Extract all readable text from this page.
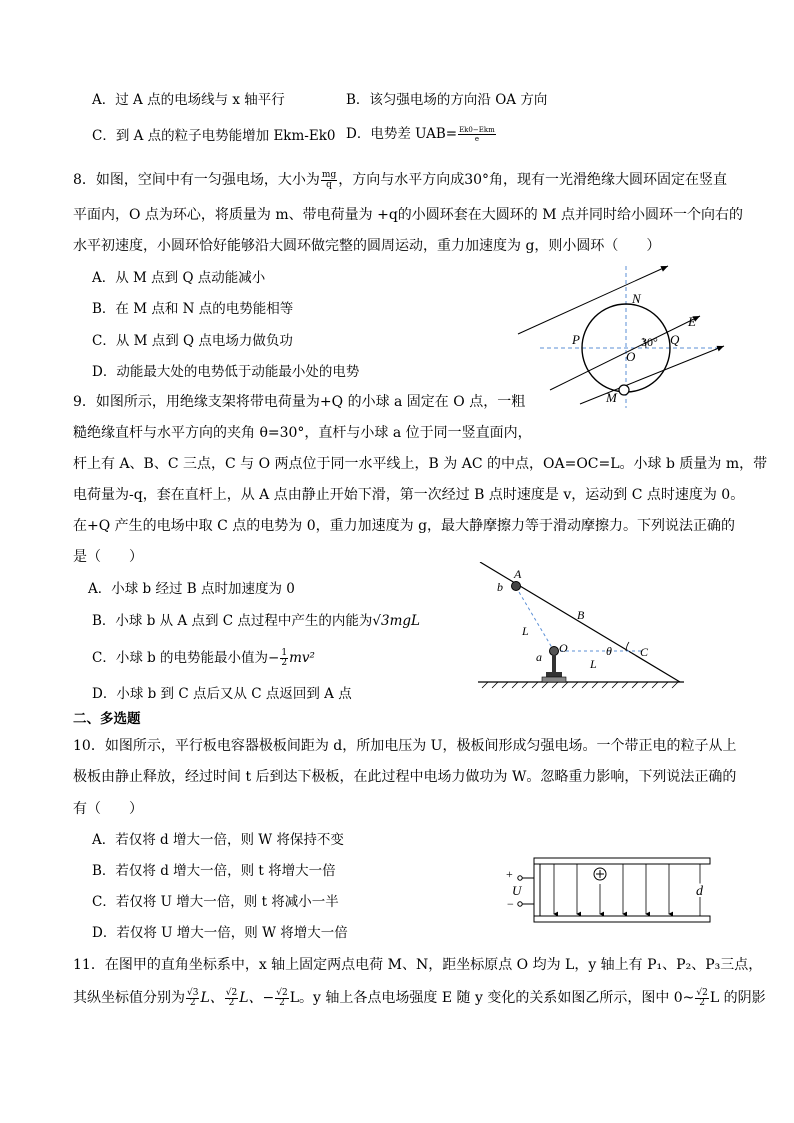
A．过 A 点的电场线与 x 轴平行	B．该匀强电场的方向沿 OA 方向
C．到 A 点的粒子电势能增加 Ekm-Ek0 D．电势差 $UAB= \frac{\text{Ek0−Ekm}}{e}$
8．如图，空间中有一匀强电场，大小为 $\frac{mg}{q}$ ，方向与水平方向成30°角，现有一光滑绝缘大圆环固定在竖直
平面内，O 点为环心，将质量为 m、带电荷量为 +q的小圆环套在大圆环的 M 点并同时给小圆环一个向右的
水平初速度，小圆环恰好能够沿大圆环做完整的圆周运动，重力加速度为 g，则小圆环（　　）
A．从 M 点到 Q 点动能减小
B．在 M 点和 N 点的电势能相等
C．从 M 点到 Q 点电场力做负功
D．动能最大处的电势低于动能最小处的电势
N
E
P
O
30° Q
M
9．如图所示，用绝缘支架将带电荷量为+Q 的小球 a 固定在 O 点，一粗
糙绝缘直杆与水平方向的夹角 θ=30°，直杆与小球 a 位于同一竖直面内，
杆上有 A、B、C 三点，C 与 O 两点位于同一水平线上，B 为 AC 的中点，OA=OC=L。小球 b 质量为 m，带
电荷量为-q，套在直杆上，从 A 点由静止开始下滑，第一次经过 B 点时速度是 v，运动到 C 点时速度为 0。
在+Q 产生的电场中取 C 点的电势为 0，重力加速度为 g，最大静摩擦力等于滑动摩擦力。下列说法正确的
是（　　）
A．小球 b 经过 B 点时加速度为 0
B．小球 b 从 A 点到 C 点过程中产生的内能为√3mgL
C．小球 b 的电势能最小值为− $\frac{1}{2} mv^2$
D．小球 b 到 C 点后又从 C 点返回到 A 点
A
b
B
L
θ C
a
O
L
二、多选题
10．如图所示，平行板电容器极板间距为 d，所加电压为 U，极板间形成匀强电场。一个带正电的粒子从上
极板由静止释放，经过时间 t 后到达下极板，在此过程中电场力做功为 W。忽略重力影响，下列说法正确的
有（　　）
A．若仅将 d 增大一倍，则 W 将保持不变
B．若仅将 d 增大一倍，则 t 将增大一倍
C．若仅将 U 增大一倍，则 t 将减小一半
D．若仅将 U 增大一倍，则 W 将增大一倍
+
U
−
d
11．在图甲的直角坐标系中，x 轴上固定两点电荷 M、N，距坐标原点 O 均为 L，y 轴上有 P₁、P₂、P₃三点，
其纵坐标值分别为 $\frac{√3}{2}$ L、 $\frac{√2}{2}$ L、− $\frac{√2}{2}$ L。y 轴上各点电场强度 E 随 y 变化的关系如图乙所示，图中 0~ $\frac{√2}{2}$ L 的阴影
